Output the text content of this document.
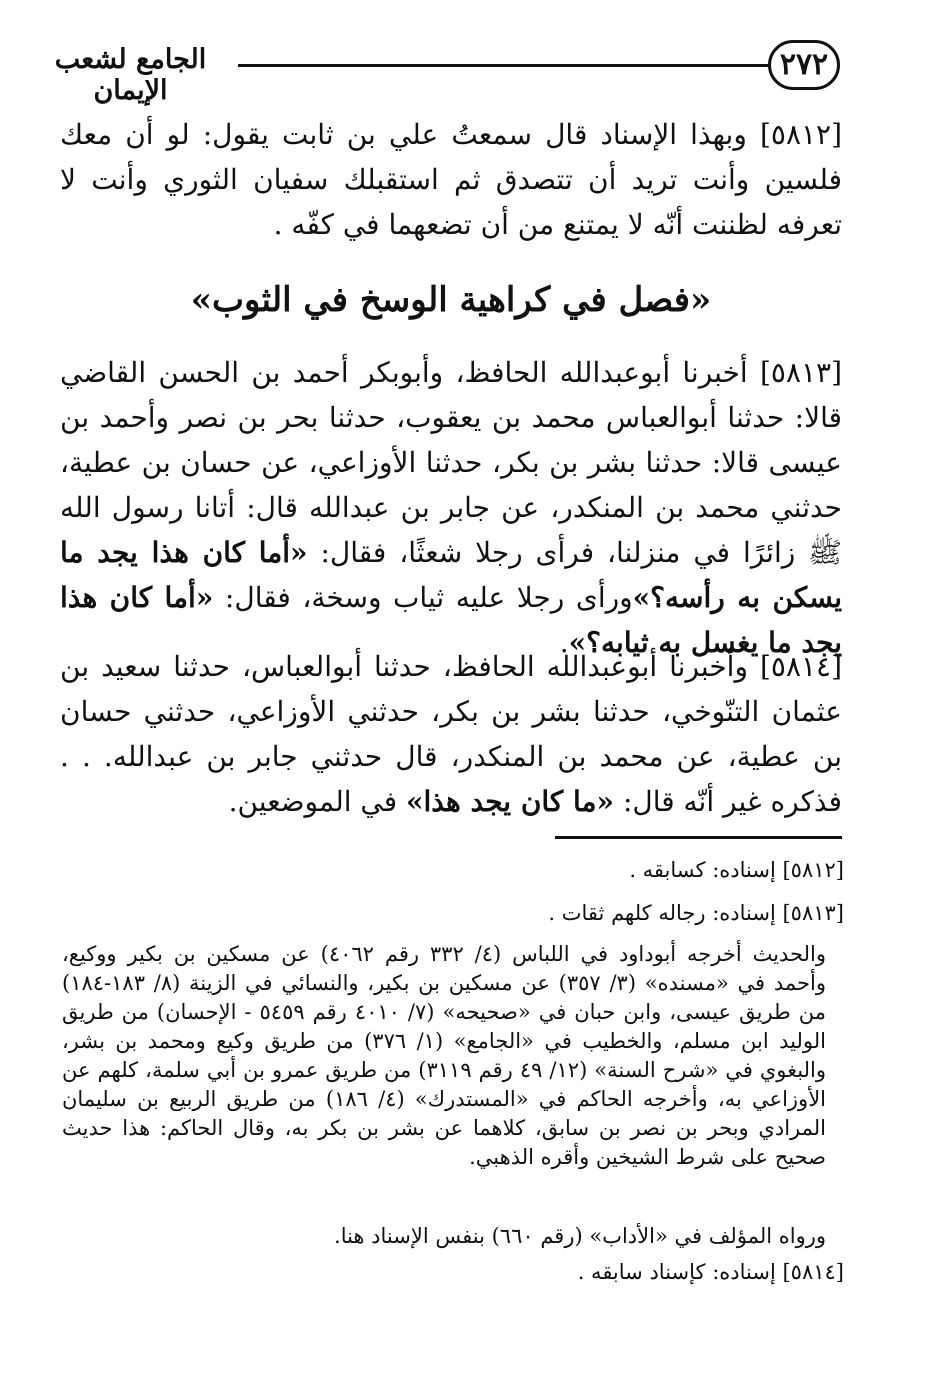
الجامع لشعب الإيمان
٢٧٢
[٥٨١٢] وبهذا الإسناد قال سمعتُ علي بن ثابت يقول: لو أن معك فلسين وأنت تريد أن تتصدق ثم استقبلك سفيان الثوري وأنت لا تعرفه لظننت أنّه لا يمتنع من أن تضعهما في كفّه .
«فصل في كراهية الوسخ في الثوب»
[٥٨١٣] أخبرنا أبوعبدالله الحافظ، وأبوبكر أحمد بن الحسن القاضي قالا: حدثنا أبوالعباس محمد بن يعقوب، حدثنا بحر بن نصر وأحمد بن عيسى قالا: حدثنا بشر بن بكر، حدثنا الأوزاعي، عن حسان بن عطية، حدثني محمد بن المنكدر، عن جابر بن عبدالله قال: أتانا رسول الله ﷺ زائرًا في منزلنا، فرأى رجلا شعثًا، فقال: «أما كان هذا يجد ما يسكن به رأسه؟»ورأى رجلا عليه ثياب وسخة، فقال: «أما كان هذا يجد ما يغسل به ثيابه؟».
[٥٨١٤] وأخبرنا أبوعبدالله الحافظ، حدثنا أبوالعباس، حدثنا سعيد بن عثمان التنّوخي، حدثنا بشر بن بكر، حدثني الأوزاعي، حدثني حسان بن عطية، عن محمد بن المنكدر، قال حدثني جابر بن عبدالله. . . فذكره غير أنّه قال: «ما كان يجد هذا» في الموضعين.
[٥٨١٢] إسناده: كسابقه .
[٥٨١٣] إسناده: رجاله كلهم ثقات .
والحديث أخرجه أبوداود في اللباس (٤/ ٣٣٢ رقم ٤٠٦٢) عن مسكين بن بكير ووكيع، وأحمد في «مسنده» (٣/ ٣٥٧) عن مسكين بن بكير، والنسائي في الزينة (٨/ ١٨٣-١٨٤) من طريق عيسى، وابن حبان في «صحيحه» (٧/ ٤٠١٠ رقم ٥٤٥٩ - الإحسان) من طريق الوليد ابن مسلم، والخطيب في «الجامع» (١/ ٣٧٦) من طريق وكيع ومحمد بن بشر، والبغوي في «شرح السنة» (١٢/ ٤٩ رقم ٣١١٩) من طريق عمرو بن أبي سلمة، كلهم عن الأوزاعي به، وأخرجه الحاكم في «المستدرك» (٤/ ١٨٦) من طريق الربيع بن سليمان المرادي وبحر بن نصر بن سابق، كلاهما عن بشر بن بكر به، وقال الحاكم: هذا حديث صحيح على شرط الشيخين وأقره الذهبي.
ورواه المؤلف في «الأداب» (رقم ٦٦٠) بنفس الإسناد هنا.
[٥٨١٤] إسناده: كإسناد سابقه .
